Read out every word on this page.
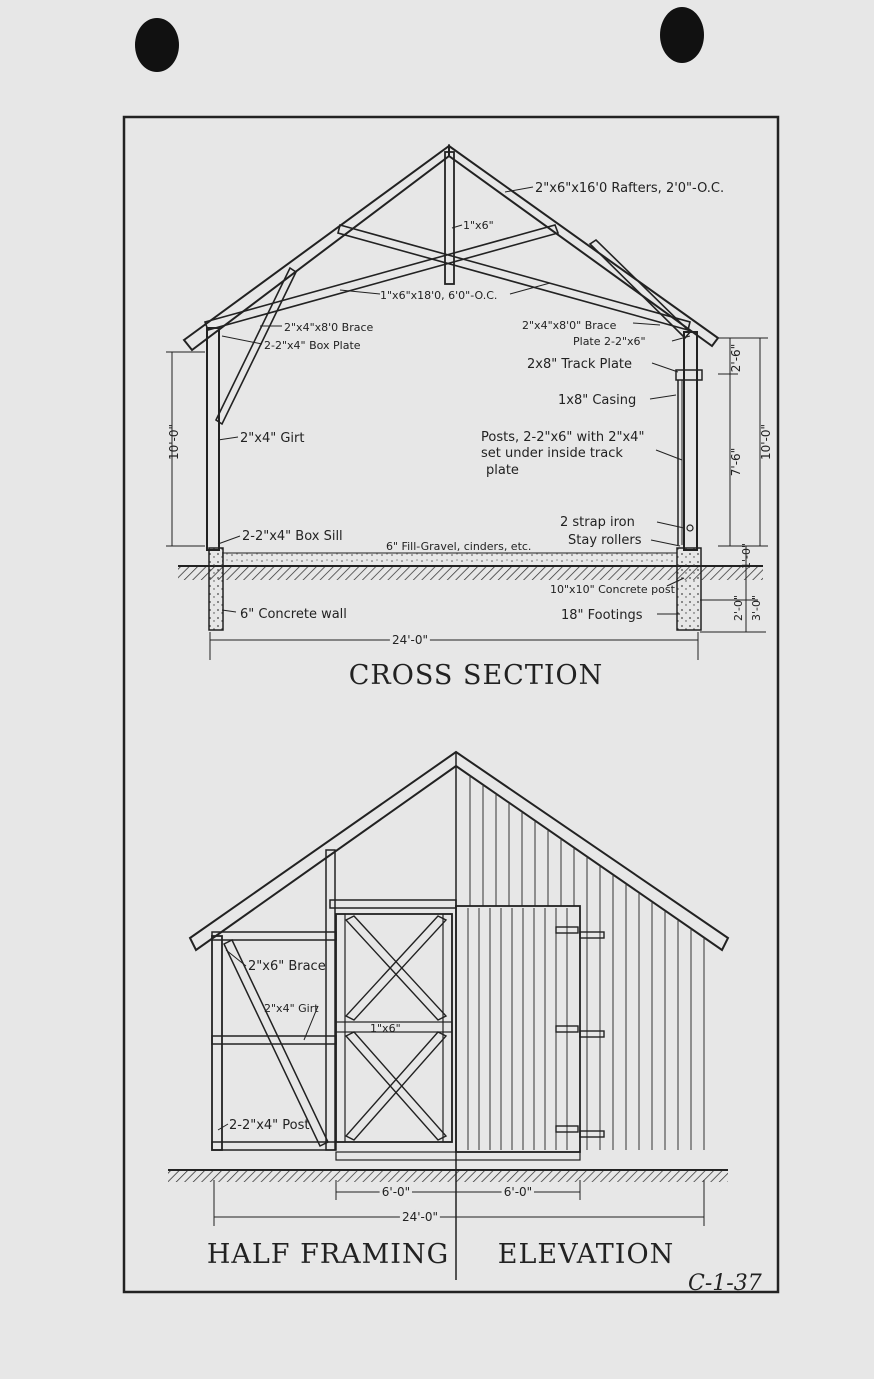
10'-0"
2'-6"
7'-6"
10'-0"
1'-0"
2'-0" 3'-0"
24'-0"
2"x6"x16'0 Rafters, 2'0"-O.C.
1"x6"
1"x6"x18'0, 6'0"-O.C.
2"x4"x8'0 Brace
2-2"x4" Box Plate
2"x4"x8'0" Brace
Plate 2-2"x6"
2x8" Track Plate
1x8" Casing
2"x4" Girt	Posts, 2-2"x6" with 2"x4"
set under inside track
plate
2-2"x4" Box Sill
6" Fill-Gravel, cinders, etc.
2 strap iron
Stay rollers
10"x10" Concrete post
6" Concrete wall	18" Footings
CROSS SECTION
6'-0"	6'-0"
24'-0"
2"x6" Brace
2"x4" Girt
1"x6"
2-2"x4" Post
HALF FRAMING ELEVATION
C-1-37
